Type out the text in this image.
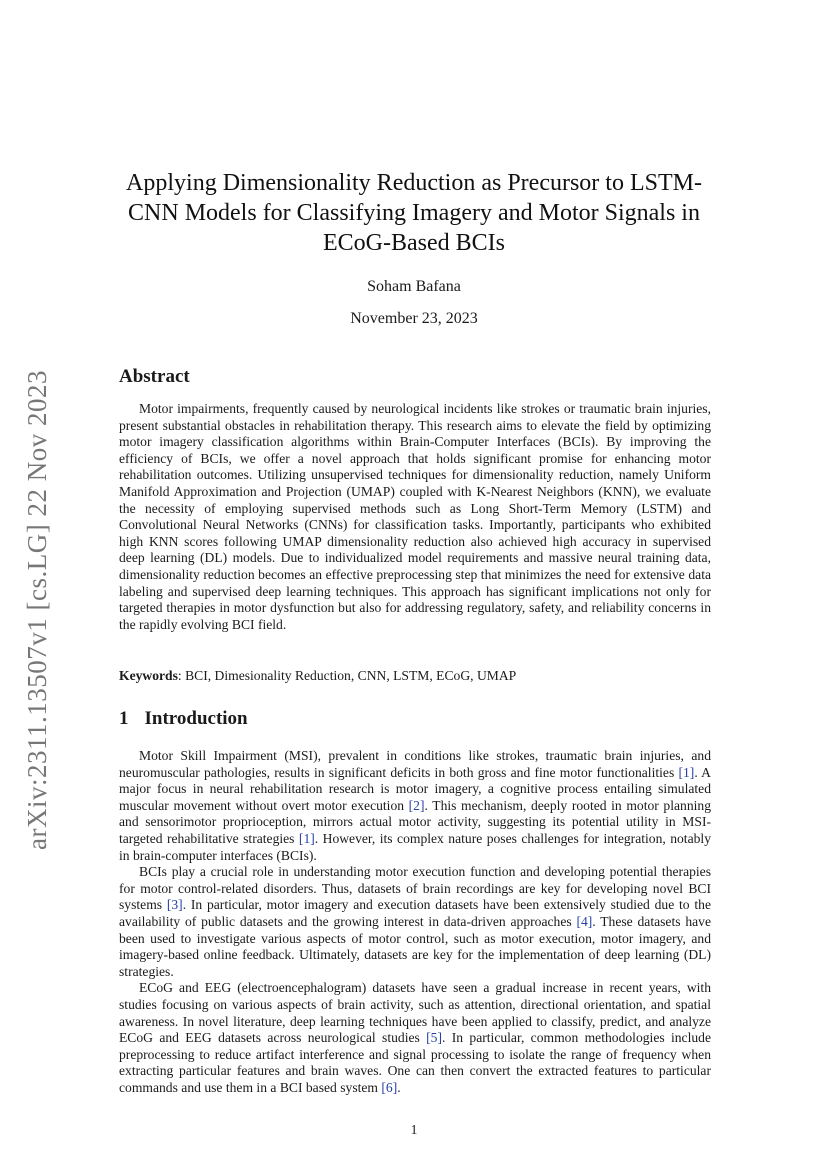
arXiv:2311.13507v1 [cs.LG] 22 Nov 2023
Applying Dimensionality Reduction as Precursor to LSTM-CNN Models for Classifying Imagery and Motor Signals in ECoG-Based BCIs
Soham Bafana
November 23, 2023
Abstract
Motor impairments, frequently caused by neurological incidents like strokes or traumatic brain injuries, present substantial obstacles in rehabilitation therapy. This research aims to elevate the field by optimizing motor imagery classification algorithms within Brain-Computer Interfaces (BCIs). By improving the efficiency of BCIs, we offer a novel approach that holds significant promise for enhancing motor rehabilitation outcomes. Utilizing unsupervised techniques for dimensionality reduction, namely Uniform Manifold Approximation and Projection (UMAP) coupled with K-Nearest Neighbors (KNN), we evaluate the necessity of employing supervised methods such as Long Short-Term Memory (LSTM) and Convolutional Neural Networks (CNNs) for classification tasks. Importantly, participants who exhibited high KNN scores following UMAP dimensionality reduction also achieved high accuracy in supervised deep learning (DL) models. Due to individualized model requirements and massive neural training data, dimensionality reduction becomes an effective preprocessing step that minimizes the need for extensive data labeling and supervised deep learning techniques. This approach has significant implications not only for targeted therapies in motor dysfunction but also for addressing regulatory, safety, and reliability concerns in the rapidly evolving BCI field.
Keywords: BCI, Dimesionality Reduction, CNN, LSTM, ECoG, UMAP
1 Introduction

Motor Skill Impairment (MSI), prevalent in conditions like strokes, traumatic brain injuries, and neuromuscular pathologies, results in significant deficits in both gross and fine motor functionalities [1]. A major focus in neural rehabilitation research is motor imagery, a cognitive process entailing simulated muscular movement without overt motor execution [2]. This mechanism, deeply rooted in motor planning and sensorimotor proprioception, mirrors actual motor activity, suggesting its potential utility in MSI-targeted rehabilitative strategies [1]. However, its complex nature poses challenges for integration, notably in brain-computer interfaces (BCIs).

BCIs play a crucial role in understanding motor execution function and developing potential therapies for motor control-related disorders. Thus, datasets of brain recordings are key for developing novel BCI systems [3]. In particular, motor imagery and execution datasets have been extensively studied due to the availability of public datasets and the growing interest in data-driven approaches [4]. These datasets have been used to investigate various aspects of motor control, such as motor execution, motor imagery, and imagery-based online feedback. Ultimately, datasets are key for the implementation of deep learning (DL) strategies.

ECoG and EEG (electroencephalogram) datasets have seen a gradual increase in recent years, with studies focusing on various aspects of brain activity, such as attention, directional orientation, and spatial awareness. In novel literature, deep learning techniques have been applied to classify, predict, and analyze ECoG and EEG datasets across neurological studies [5]. In particular, common methodologies include preprocessing to reduce artifact interference and signal processing to isolate the range of frequency when extracting particular features and brain waves. One can then convert the extracted features to particular commands and use them in a BCI based system [6].

1
